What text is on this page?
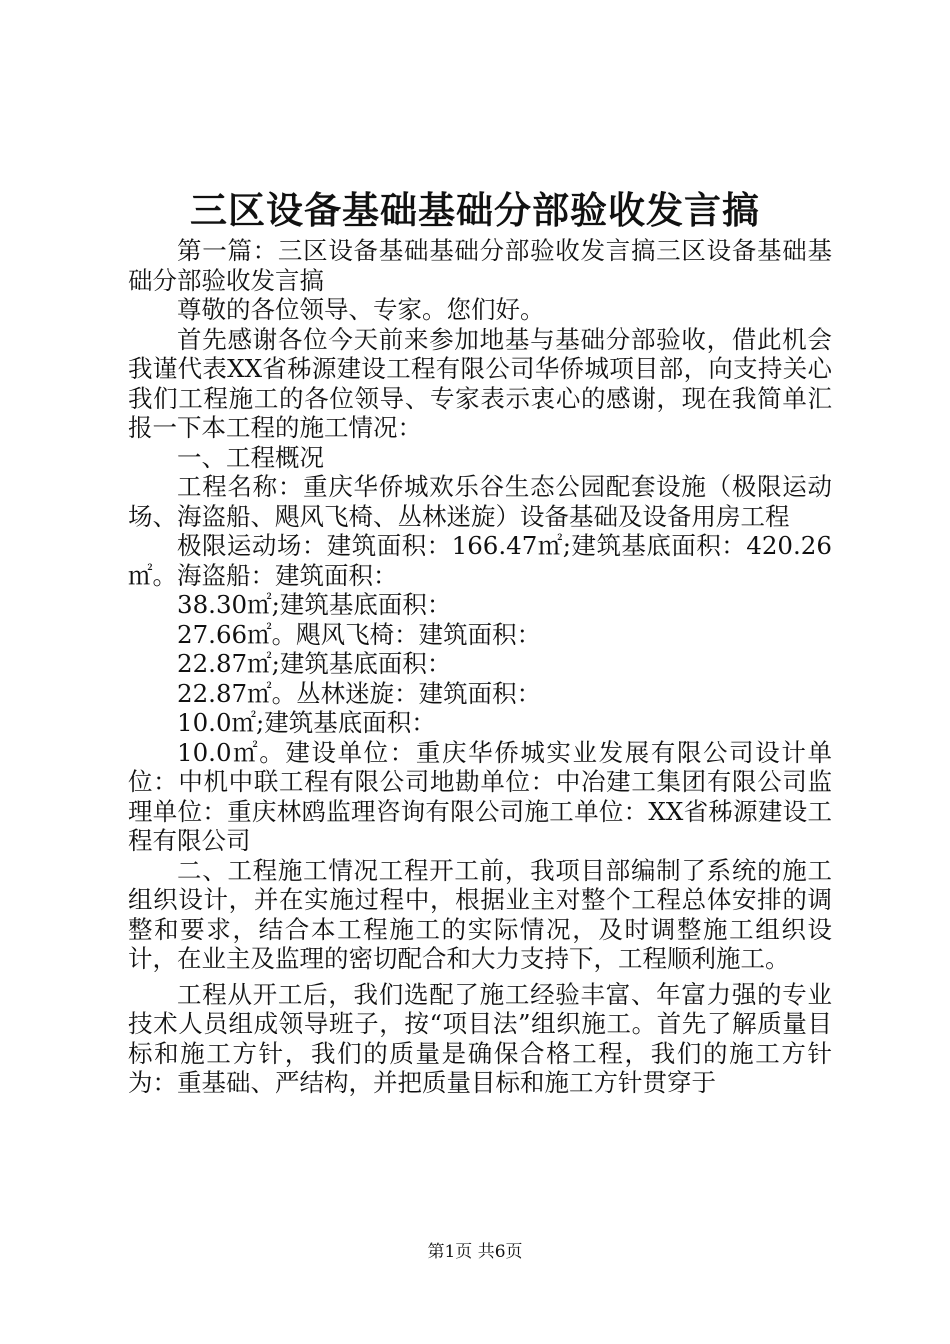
三区设备基础基础分部验收发言搞

第一篇：三区设备基础基础分部验收发言搞三区设备基础基础分部验收发言搞

尊敬的各位领导、专家。您们好。

首先感谢各位今天前来参加地基与基础分部验收，借此机会我谨代表XX省秭源建设工程有限公司华侨城项目部，向支持关心我们工程施工的各位领导、专家表示衷心的感谢，现在我简单汇报一下本工程的施工情况：

一、工程概况

工程名称：重庆华侨城欢乐谷生态公园配套设施（极限运动场、海盗船、飓风飞椅、丛林迷旋）设备基础及设备用房工程

极限运动场：建筑面积：166.47㎡;建筑基底面积：420.26㎡。海盗船：建筑面积：

38.30㎡;建筑基底面积：

27.66㎡。飓风飞椅：建筑面积：

22.87㎡;建筑基底面积：

22.87㎡。丛林迷旋：建筑面积：

10.0㎡;建筑基底面积：

10.0㎡。建设单位：重庆华侨城实业发展有限公司设计单位：中机中联工程有限公司地勘单位：中冶建工集团有限公司监理单位：重庆林鸥监理咨询有限公司施工单位：XX省秭源建设工程有限公司

二、工程施工情况工程开工前，我项目部编制了系统的施工组织设计，并在实施过程中，根据业主对整个工程总体安排的调整和要求，结合本工程施工的实际情况，及时调整施工组织设计，在业主及监理的密切配合和大力支持下，工程顺利施工。

工程从开工后，我们选配了施工经验丰富、年富力强的专业技术人员组成领导班子，按“项目法”组织施工。首先了解质量目标和施工方针，我们的质量是确保合格工程，我们的施工方针为：重基础、严结构，并把质量目标和施工方针贯穿于

第1页 共6页
